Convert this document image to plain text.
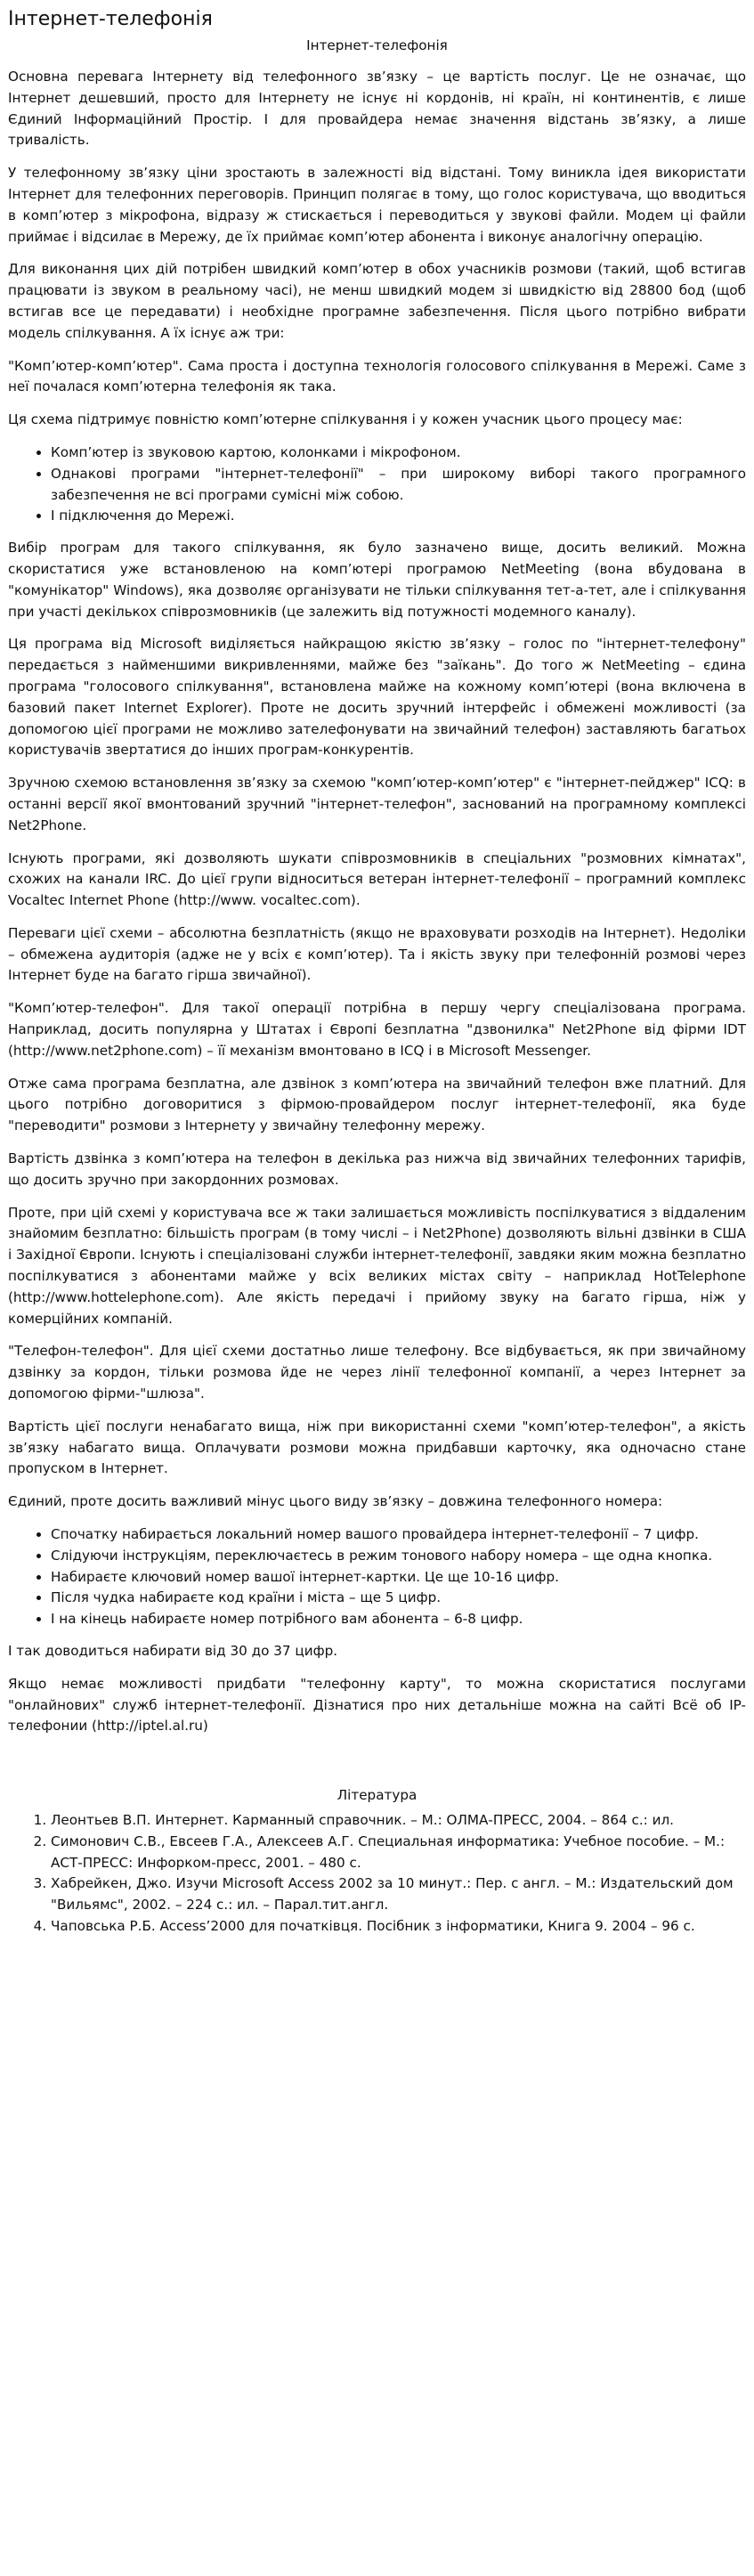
Інтернет-телефонія
Інтернет-телефонія

Основна перевага Інтернету від телефонного зв’язку – це вартість послуг. Це не означає, що Інтернет дешевший, просто для Інтернету не існує ні кордонів, ні країн, ні континентів, є лише Єдиний Інформаційний Простір. І для провайдера немає значення відстань зв’язку, а лише тривалість.

У телефонному зв’язку ціни зростають в залежності від відстані. Тому виникла ідея використати Інтернет для телефонних переговорів. Принцип полягає в тому, що голос користувача, що вводиться в комп’ютер з мікрофона, відразу ж стискається і переводиться у звукові файли. Модем ці файли приймає і відсилає в Мережу, де їх приймає комп’ютер абонента і виконує аналогічну операцію.

Для виконання цих дій потрібен швидкий комп’ютер в обох учасників розмови (такий, щоб встигав працювати із звуком в реальному часі), не менш швидкий модем зі швидкістю від 28800 бод (щоб встигав все це передавати) і необхідне програмне забезпечення. Після цього потрібно вибрати модель спілкування. А їх існує аж три:

"Комп’ютер-комп’ютер". Сама проста і доступна технологія голосового спілкування в Мережі. Саме з неї почалася комп’ютерна телефонія як така.

Ця схема підтримує повністю комп’ютерне спілкування і у кожен учасник цього процесу має:

• Комп’ютер із звуковою картою, колонками і мікрофоном.
• Однакові програми "інтернет-телефонії" – при широкому виборі такого програмного забезпечення не всі програми сумісні між собою.
• І підключення до Мережі.

Вибір програм для такого спілкування, як було зазначено вище, досить великий. Можна скористатися уже встановленою на комп’ютері програмою NetMeeting (вона вбудована в "комунікатор" Windows), яка дозволяє організувати не тільки спілкування тет-а-тет, але і спілкування при участі декількох співрозмовників (це залежить від потужності модемного каналу).

Ця програма від Microsoft виділяється найкращою якістю зв’язку – голос по "інтернет-телефону" передається з найменшими викривленнями, майже без "заїкань". До того ж NetMeeting – єдина програма "голосового спілкування", встановлена майже на кожному комп’ютері (вона включена в базовий пакет Internet Explorer). Проте не досить зручний інтерфейс і обмежені можливості (за допомогою цієї програми не можливо зателефонувати на звичайний телефон) заставляють багатьох користувачів звертатися до інших програм-конкурентів.

Зручною схемою встановлення зв’язку за схемою "комп’ютер-комп’ютер" є "інтернет-пейджер" ICQ: в останні версії якої вмонтований зручний "інтернет-телефон", заснований на програмному комплексі Net2Phone.

Існують програми, які дозволяють шукати співрозмовників в спеціальних "розмовних кімнатах", схожих на канали IRC. До цієї групи відноситься ветеран інтернет-телефонії – програмний комплекс Vocaltec Internet Phone (http://www. vocaltec.com).

Переваги цієї схеми – абсолютна безплатність (якщо не враховувати розходів на Інтернет). Недоліки – обмежена аудиторія (адже не у всіх є комп’ютер). Та і якість звуку при телефонній розмові через Інтернет буде на багато гірша звичайної).

"Комп’ютер-телефон". Для такої операції потрібна в першу чергу спеціалізована програма. Наприклад, досить популярна у Штатах і Європі безплатна "дзвонилка" Net2Phone від фірми IDT (http://www.net2phone.com) – її механізм вмонтовано в ICQ і в Microsoft Messenger.

Отже сама програма безплатна, але дзвінок з комп’ютера на звичайний телефон вже платний. Для цього потрібно договоритися з фірмою-провайдером послуг інтернет-телефонії, яка буде "переводити" розмови з Інтернету у звичайну телефонну мережу.

Вартість дзвінка з комп’ютера на телефон в декілька раз нижча від звичайних телефонних тарифів, що досить зручно при закордонних розмовах.

Проте, при цій схемі у користувача все ж таки залишається можливість поспілкуватися з віддаленим знайомим безплатно: більшість програм (в тому числі – і Net2Phone) дозволяють вільні дзвінки в США і Західної Європи. Існують і спеціалізовані служби інтернет-телефонії, завдяки яким можна безплатно поспілкуватися з абонентами майже у всіх великих містах світу – наприклад HotTelephone (http://www.hottelephone.com). Але якість передачі і прийому звуку на багато гірша, ніж у комерційних компаній.

"Телефон-телефон". Для цієї схеми достатньо лише телефону. Все відбувається, як при звичайному дзвінку за кордон, тільки розмова йде не через лінії телефонної компанії, а через Інтернет за допомогою фірми-"шлюза".

Вартість цієї послуги ненабагато вища, ніж при використанні схеми "комп’ютер-телефон", а якість зв’язку набагато вища. Оплачувати розмови можна придбавши карточку, яка одночасно стане пропуском в Інтернет.

Єдиний, проте досить важливий мінус цього виду зв’язку – довжина телефонного номера:

• Спочатку набирається локальний номер вашого провайдера інтернет-телефонії – 7 цифр.
• Слідуючи інструкціям, переключаєтесь в режим тонового набору номера – ще одна кнопка.
• Набираєте ключовий номер вашої інтернет-картки. Це ще 10-16 цифр.
• Після чудка набираєте код країни і міста – ще 5 цифр.
• І на кінець набираєте номер потрібного вам абонента – 6-8 цифр.

І так доводиться набирати від 30 до 37 цифр.

Якщо немає можливості придбати "телефонну карту", то можна скористатися послугами "онлайнових" служб інтернет-телефонії. Дізнатися про них детальніше можна на сайті Всё об IP-телефонии (http://iptel.al.ru)

Література
1. Леонтьев В.П. Интернет. Карманный справочник. – М.: ОЛМА-ПРЕСС, 2004. – 864 с.: ил.
2. Симонович С.В., Евсеев Г.А., Алексеев А.Г. Специальная информатика: Учебное пособие. – М.: АСТ-ПРЕСС: Инфорком-пресс, 2001. – 480 с.
3. Хабрейкен, Джо. Изучи Microsoft Access 2002 за 10 минут.: Пер. с англ. – М.: Издательский дом "Вильямс", 2002. – 224 с.: ил. – Парал.тит.англ.
4. Чаповська Р.Б. Access’2000 для початківця. Посібник з інформатики, Книга 9. 2004 – 96 с.
